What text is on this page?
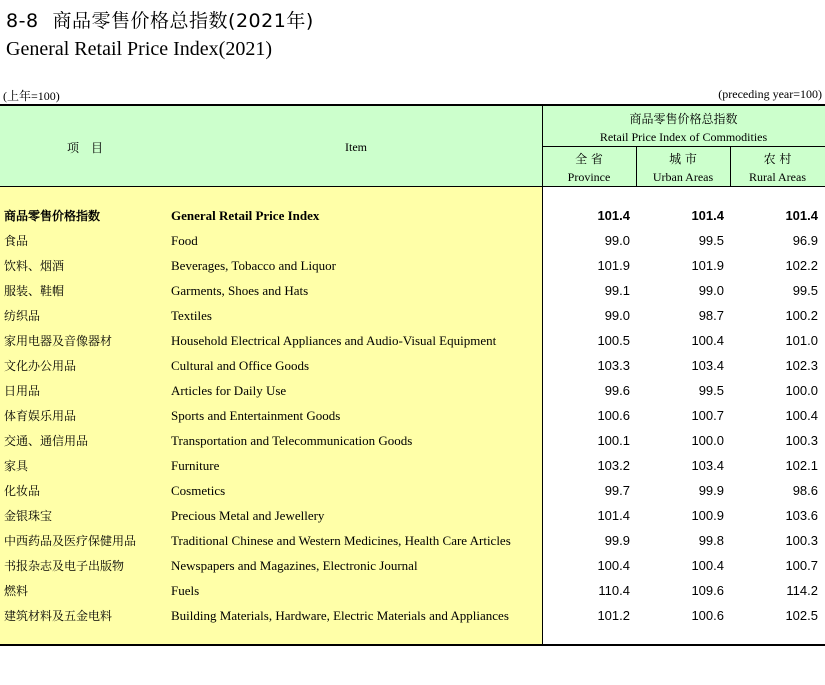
8-8 商品零售价格总指数(2021年)
General Retail Price Index(2021)
(上年=100)	(preceding year=100)
项　目	Item
商品零售价格总指数
Retail Price Index of Commodities
全 省
Province
城 市
Urban Areas
农 村
Rural Areas
商品零售价格指数	General Retail Price Index	101.4	101.4	101.4
食品	Food	99.0	99.5	96.9
饮料、烟酒	Beverages, Tobacco and Liquor	101.9	101.9	102.2
服装、鞋帽	Garments, Shoes and Hats	99.1	99.0	99.5
纺织品	Textiles	99.0	98.7	100.2
家用电器及音像器材	Household Electrical Appliances and Audio-Visual Equipment	100.5	100.4	101.0
文化办公用品	Cultural and Office Goods	103.3	103.4	102.3
日用品	Articles for Daily Use	99.6	99.5	100.0
体育娱乐用品	Sports and Entertainment Goods	100.6	100.7	100.4
交通、通信用品	Transportation and Telecommunication Goods	100.1	100.0	100.3
家具	Furniture	103.2	103.4	102.1
化妆品	Cosmetics	99.7	99.9	98.6
金银珠宝	Precious Metal and Jewellery	101.4	100.9	103.6
中西药品及医疗保健用品	Traditional Chinese and Western Medicines, Health Care Articles	99.9	99.8	100.3
书报杂志及电子出版物	Newspapers and Magazines, Electronic Journal	100.4	100.4	100.7
燃料	Fuels	110.4	109.6	114.2
建筑材料及五金电料	Building Materials, Hardware, Electric Materials and Appliances	101.2	100.6	102.5
